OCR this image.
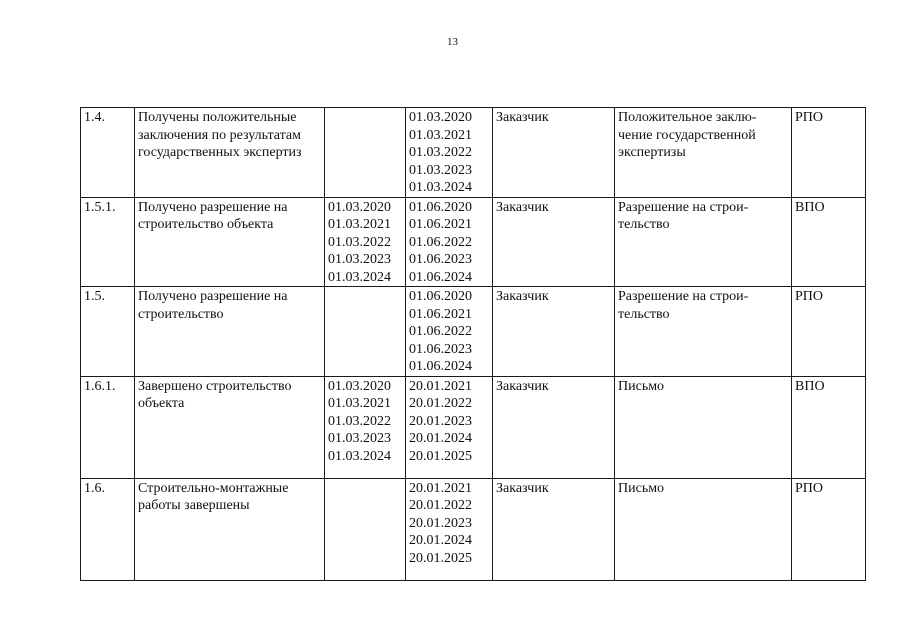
13
1.4.	Получены положительные
заключения по результатам
государственных экспертиз		01.03.2020
01.03.2021
01.03.2022
01.03.2023
01.03.2024	Заказчик	Положительное заклю-
чение государственной
экспертизы	РПО
1.5.1.	Получено разрешение на
строительство объекта	01.03.2020
01.03.2021
01.03.2022
01.03.2023
01.03.2024	01.06.2020
01.06.2021
01.06.2022
01.06.2023
01.06.2024	Заказчик	Разрешение на строи-
тельство	ВПО
1.5.	Получено разрешение на
строительство		01.06.2020
01.06.2021
01.06.2022
01.06.2023
01.06.2024	Заказчик	Разрешение на строи-
тельство	РПО
1.6.1.	Завершено строительство
объекта	01.03.2020
01.03.2021
01.03.2022
01.03.2023
01.03.2024	20.01.2021
20.01.2022
20.01.2023
20.01.2024
20.01.2025	Заказчик	Письмо	ВПО
1.6.	Строительно-монтажные
работы завершены		20.01.2021
20.01.2022
20.01.2023
20.01.2024
20.01.2025	Заказчик	Письмо	РПО
